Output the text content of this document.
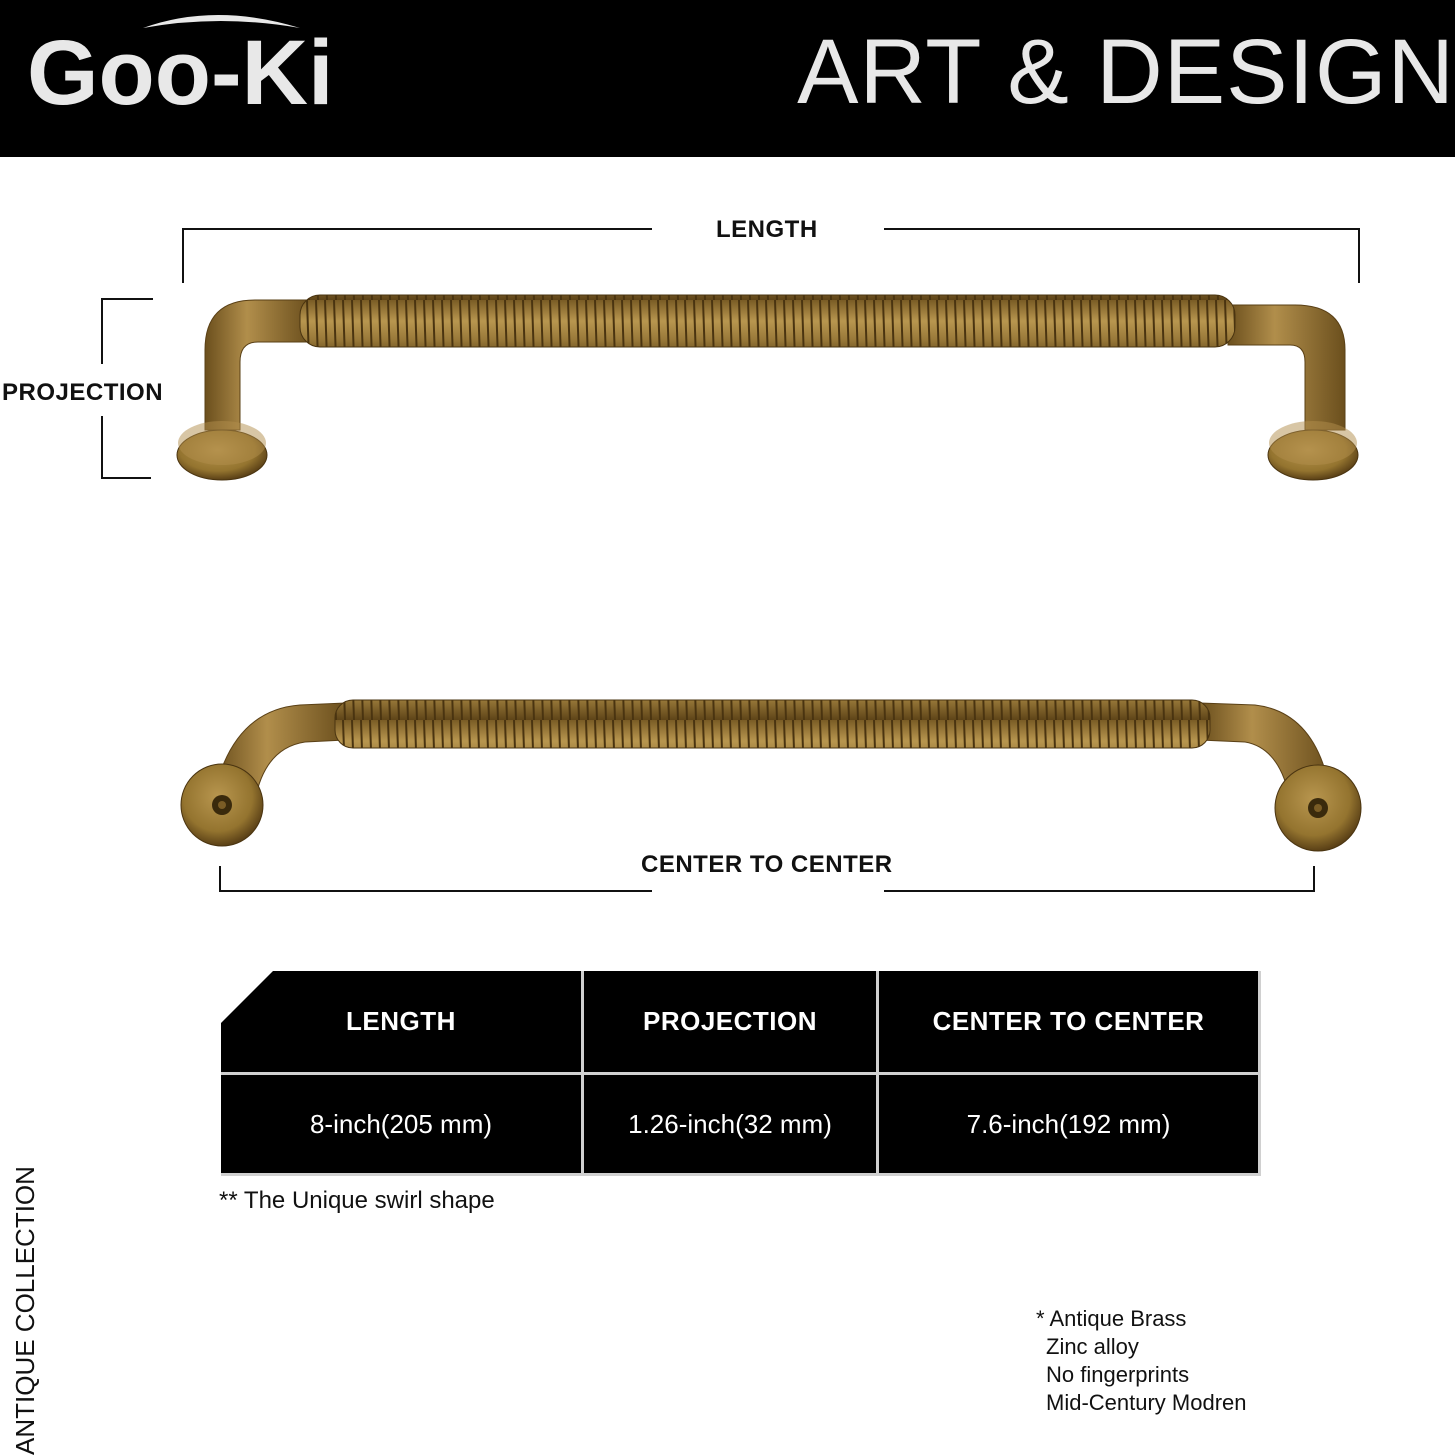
Goo-Ki	ART & DESIGN
LENGTH
PROJECTION
CENTER TO CENTER
LENGTH	PROJECTION	CENTER TO CENTER
8-inch(205 mm)	1.26-inch(32 mm)	7.6-inch(192 mm)
** The Unique swirl shape
ANTIQUE COLLECTION	* Antique Brass
Zinc alloy
No fingerprints
Mid-Century Modren
